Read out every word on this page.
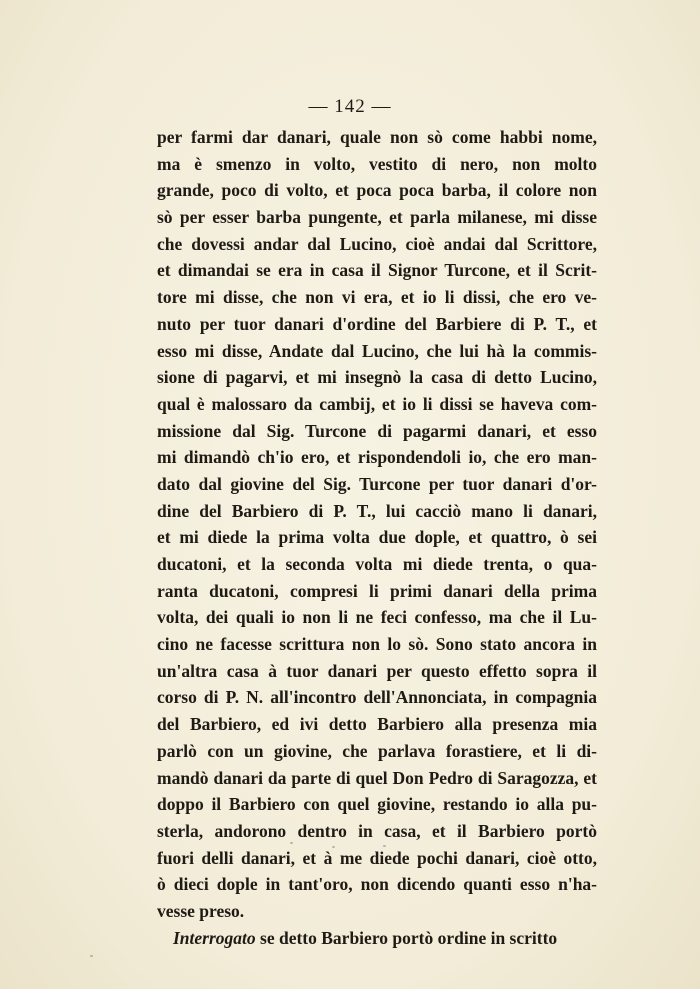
— 142 —
per farmi dar danari, quale non sò come habbi nome,
ma è smenzo in volto, vestito di nero, non molto
grande, poco di volto, et poca poca barba, il colore non
sò per esser barba pungente, et parla milanese, mi disse
che dovessi andar dal Lucino, cioè andai dal Scrittore,
et dimandai se era in casa il Signor Turcone, et il Scrit-
tore mi disse, che non vi era, et io li dissi, che ero ve-
nuto per tuor danari d'ordine del Barbiere di P. T., et
esso mi disse, Andate dal Lucino, che lui hà la commis-
sione di pagarvi, et mi insegnò la casa di detto Lucino,
qual è malossaro da cambij, et io li dissi se haveva com-
missione dal Sig. Turcone di pagarmi danari, et esso
mi dimandò ch'io ero, et rispondendoli io, che ero man-
dato dal giovine del Sig. Turcone per tuor danari d'or-
dine del Barbiero di P. T., lui cacciò mano li danari,
et mi diede la prima volta due dople, et quattro, ò sei
ducatoni, et la seconda volta mi diede trenta, o qua-
ranta ducatoni, compresi li primi danari della prima
volta, dei quali io non li ne feci confesso, ma che il Lu-
cino ne facesse scrittura non lo sò. Sono stato ancora in
un'altra casa à tuor danari per questo effetto sopra il
corso di P. N. all'incontro dell'Annonciata, in compagnia
del Barbiero, ed ivi detto Barbiero alla presenza mia
parlò con un giovine, che parlava forastiere, et li di-
mandò danari da parte di quel Don Pedro di Saragozza, et
doppo il Barbiero con quel giovine, restando io alla pu-
sterla, andorono dentro in casa, et il Barbiero portò
fuori delli danari, et à me diede pochi danari, cioè otto,
ò dieci dople in tant'oro, non dicendo quanti esso n'ha-
vesse preso.
Interrogato se detto Barbiero portò ordine in scritto
